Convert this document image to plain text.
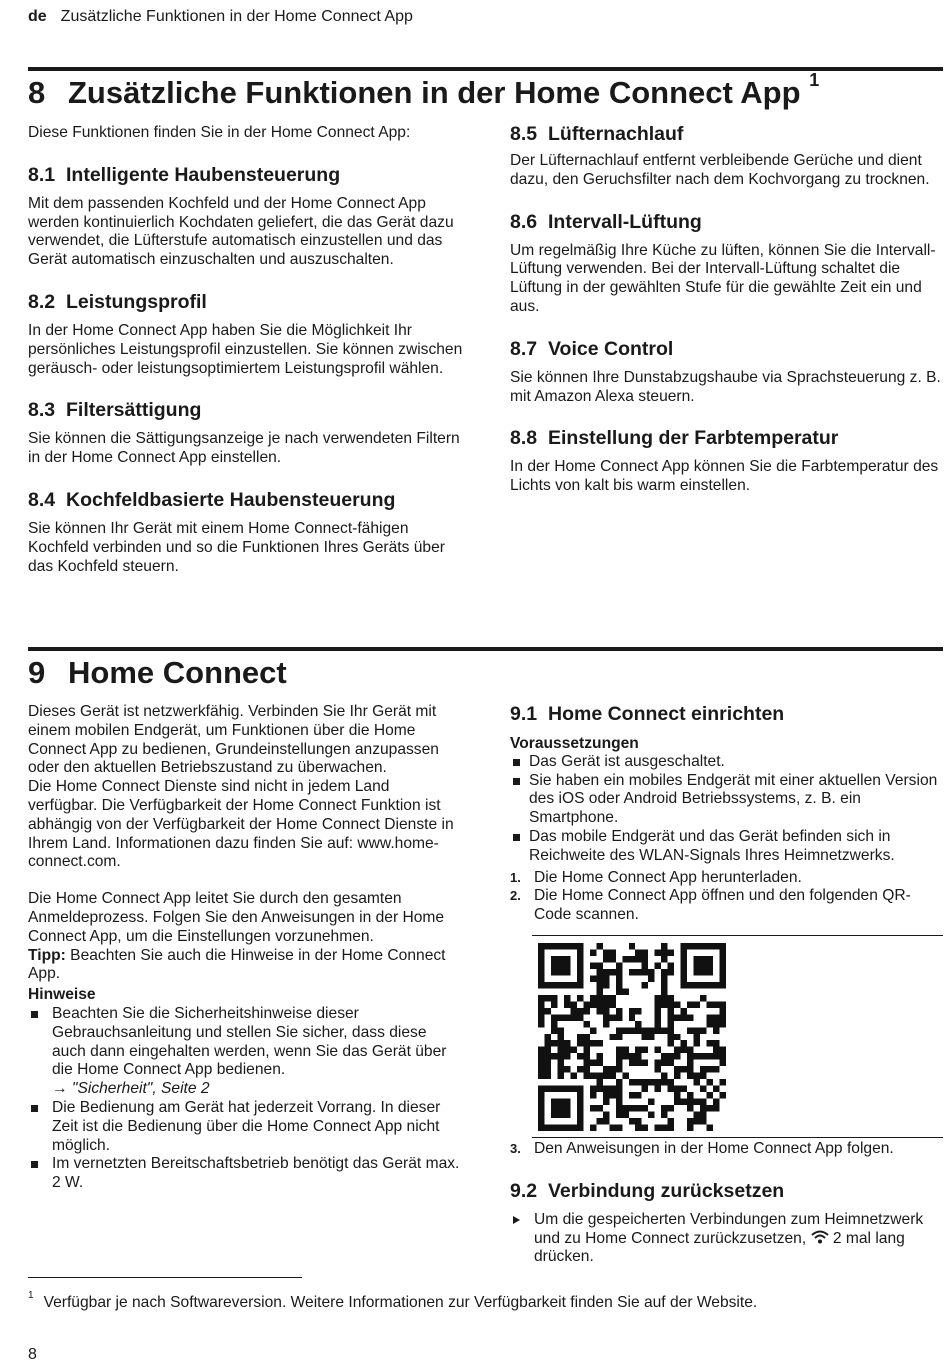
de Zusätzliche Funktionen in der Home Connect App
8 Zusätzliche Funktionen in der Home Connect App $^1$

Diese Funktionen finden Sie in der Home Connect App:

8.1 Intelligente Haubensteuerung

Mit dem passenden Kochfeld und der Home Connect App werden kontinuierlich Kochdaten geliefert, die das Gerät dazu verwendet, die Lüfterstufe automatisch einzustellen und das Gerät automatisch einzuschalten und auszuschalten.

8.2 Leistungsprofil

In der Home Connect App haben Sie die Möglichkeit Ihr persönliches Leistungsprofil einzustellen. Sie können zwischen geräusch- oder leistungsoptimiertem Leistungsprofil wählen.

8.3 Filtersättigung

Sie können die Sättigungsanzeige je nach verwendeten Filtern in der Home Connect App einstellen.

8.4 Kochfeldbasierte Haubensteuerung

Sie können Ihr Gerät mit einem Home Connect-fähigen Kochfeld verbinden und so die Funktionen Ihres Geräts über das Kochfeld steuern.

8.5 Lüfternachlauf

Der Lüfternachlauf entfernt verbleibende Gerüche und dient dazu, den Geruchsfilter nach dem Kochvorgang zu trocknen.

8.6 Intervall-Lüftung

Um regelmäßig Ihre Küche zu lüften, können Sie die Intervall-Lüftung verwenden. Bei der Intervall-Lüftung schaltet die Lüftung in der gewählten Stufe für die gewählte Zeit ein und aus.

8.7 Voice Control

Sie können Ihre Dunstabzugshaube via Sprachsteuerung z. B. mit Amazon Alexa steuern.

8.8 Einstellung der Farbtemperatur

In der Home Connect App können Sie die Farbtemperatur des Lichts von kalt bis warm einstellen.

9 Home Connect

Dieses Gerät ist netzwerkfähig. Verbinden Sie Ihr Gerät mit einem mobilen Endgerät, um Funktionen über die Home Connect App zu bedienen, Grundeinstellungen anzupassen oder den aktuellen Betriebszustand zu überwachen.

Die Home Connect Dienste sind nicht in jedem Land verfügbar. Die Verfügbarkeit der Home Connect Funktion ist abhängig von der Verfügbarkeit der Home Connect Dienste in Ihrem Land. Informationen dazu finden Sie auf: www.home-connect.com.

Die Home Connect App leitet Sie durch den gesamten Anmeldeprozess. Folgen Sie den Anweisungen in der Home Connect App, um die Einstellungen vorzunehmen.

Tipp: Beachten Sie auch die Hinweise in der Home Connect App.

Hinweise

Beachten Sie die Sicherheitshinweise dieser Gebrauchsanleitung und stellen Sie sicher, dass diese auch dann eingehalten werden, wenn Sie das Gerät über die Home Connect App bedienen.
→ "Sicherheit", Seite 2
Die Bedienung am Gerät hat jederzeit Vorrang. In dieser Zeit ist die Bedienung über die Home Connect App nicht möglich.
Im vernetzten Bereitschaftsbetrieb benötigt das Gerät max. 2 W.
9.1 Home Connect einrichten

Voraussetzungen

Das Gerät ist ausgeschaltet.
Sie haben ein mobiles Endgerät mit einer aktuellen Version des iOS oder Android Betriebssystems, z. B. ein Smartphone.
Das mobile Endgerät und das Gerät befinden sich in Reichweite des WLAN-Signals Ihres Heimnetzwerks.
1. Die Home Connect App herunterladen.
2. Die Home Connect App öffnen und den folgenden QR-Code scannen.
3. Den Anweisungen in der Home Connect App folgen.
9.2 Verbindung zurücksetzen

Um die gespeicherten Verbindungen zum Heimnetzwerk und zu Home Connect zurückzusetzen, 2 mal lang drücken.

$^1$ Verfügbar je nach Softwareversion. Weitere Informationen zur Verfügbarkeit finden Sie auf der Website.
8
